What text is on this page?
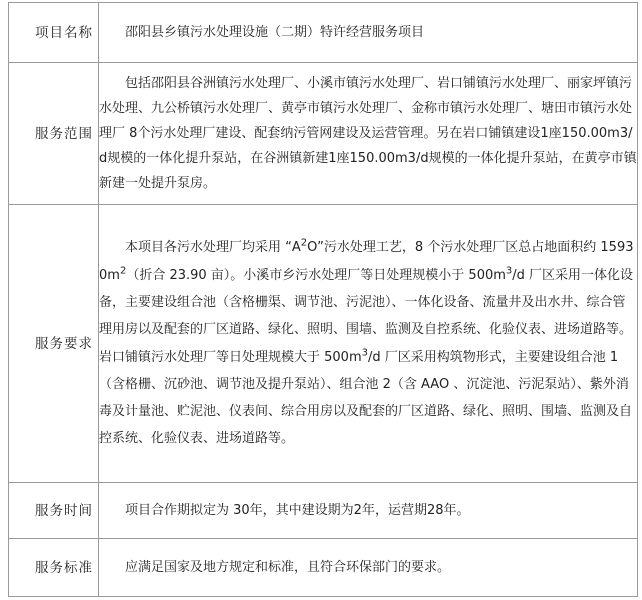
项目名称	邵阳县乡镇污水处理设施（二期）特许经营服务项目

服务范围	包括邵阳县谷洲镇污水处理厂、小溪市镇污水处理厂、岩口铺镇污水处理厂、丽家坪镇污水处理、九公桥镇污水处理厂、黄亭市镇污水处理厂、金称市镇污水处理厂、塘田市镇污水处理厂 8个污水处理厂建设、配套纳污管网建设及运营管理。另在岩口铺镇建设1座150.00m3/d规模的一体化提升泵站，在谷洲镇新建1座150.00m3/d规模的一体化提升泵站，在黄亭市镇新建一处提升泵房。

服务要求	本项目各污水处理厂均采用 “$A^2O$”污水处理工艺，8 个污水处理厂区总占地面积约 $15930m^2$（折合 23.90 亩）。小溪市乡污水处理厂等日处理规模小于 $500m^3/d$ 厂区采用一体化设备，主要建设组合池（含格栅渠、调节池、污泥池）、一体化设备、流量井及出水井、综合管理用房以及配套的厂区道路、绿化、照明、围墙、监测及自控系统、化验仪表、进场道路等。岩口铺镇污水处理厂等日处理规模大于 $500m^3/d$ 厂区采用构筑物形式，主要建设组合池 1（含格栅、沉砂池、调节池及提升泵站）、组合池 2（含 AAO 、沉淀池、污泥泵站）、紫外消毒及计量池、贮泥池、仪表间、综合用房以及配套的厂区道路、绿化、照明、围墙、监测及自控系统、化验仪表、进场道路等。

服务时间	项目合作期拟定为 30年，其中建设期为2年，运营期28年。

服务标准	应满足国家及地方规定和标准，且符合环保部门的要求。
